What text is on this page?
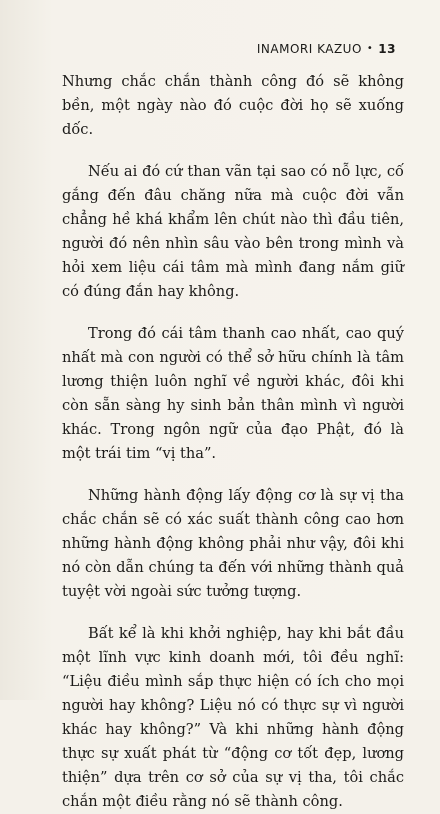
INAMORI KAZUO • 13

Nhưng chắc chắn thành công đó sẽ không bền, một ngày nào đó cuộc đời họ sẽ xuống dốc.

Nếu ai đó cứ than vãn tại sao có nỗ lực, cố gắng đến đâu chăng nữa mà cuộc đời vẫn chẳng hề khá khẩm lên chút nào thì đầu tiên, người đó nên nhìn sâu vào bên trong mình và hỏi xem liệu cái tâm mà mình đang nắm giữ có đúng đắn hay không.

Trong đó cái tâm thanh cao nhất, cao quý nhất mà con người có thể sở hữu chính là tâm lương thiện luôn nghĩ về người khác, đôi khi còn sẵn sàng hy sinh bản thân mình vì người khác. Trong ngôn ngữ của đạo Phật, đó là một trái tim “vị tha”.

Những hành động lấy động cơ là sự vị tha chắc chắn sẽ có xác suất thành công cao hơn những hành động không phải như vậy, đôi khi nó còn dẫn chúng ta đến với những thành quả tuyệt vời ngoài sức tưởng tượng.

Bất kể là khi khởi nghiệp, hay khi bắt đầu một lĩnh vực kinh doanh mới, tôi đều nghĩ: “Liệu điều mình sắp thực hiện có ích cho mọi người hay không? Liệu nó có thực sự vì người khác hay không?” Và khi những hành động thực sự xuất phát từ “động cơ tốt đẹp, lương thiện” dựa trên cơ sở của sự vị tha, tôi chắc chắn một điều rằng nó sẽ thành công.
